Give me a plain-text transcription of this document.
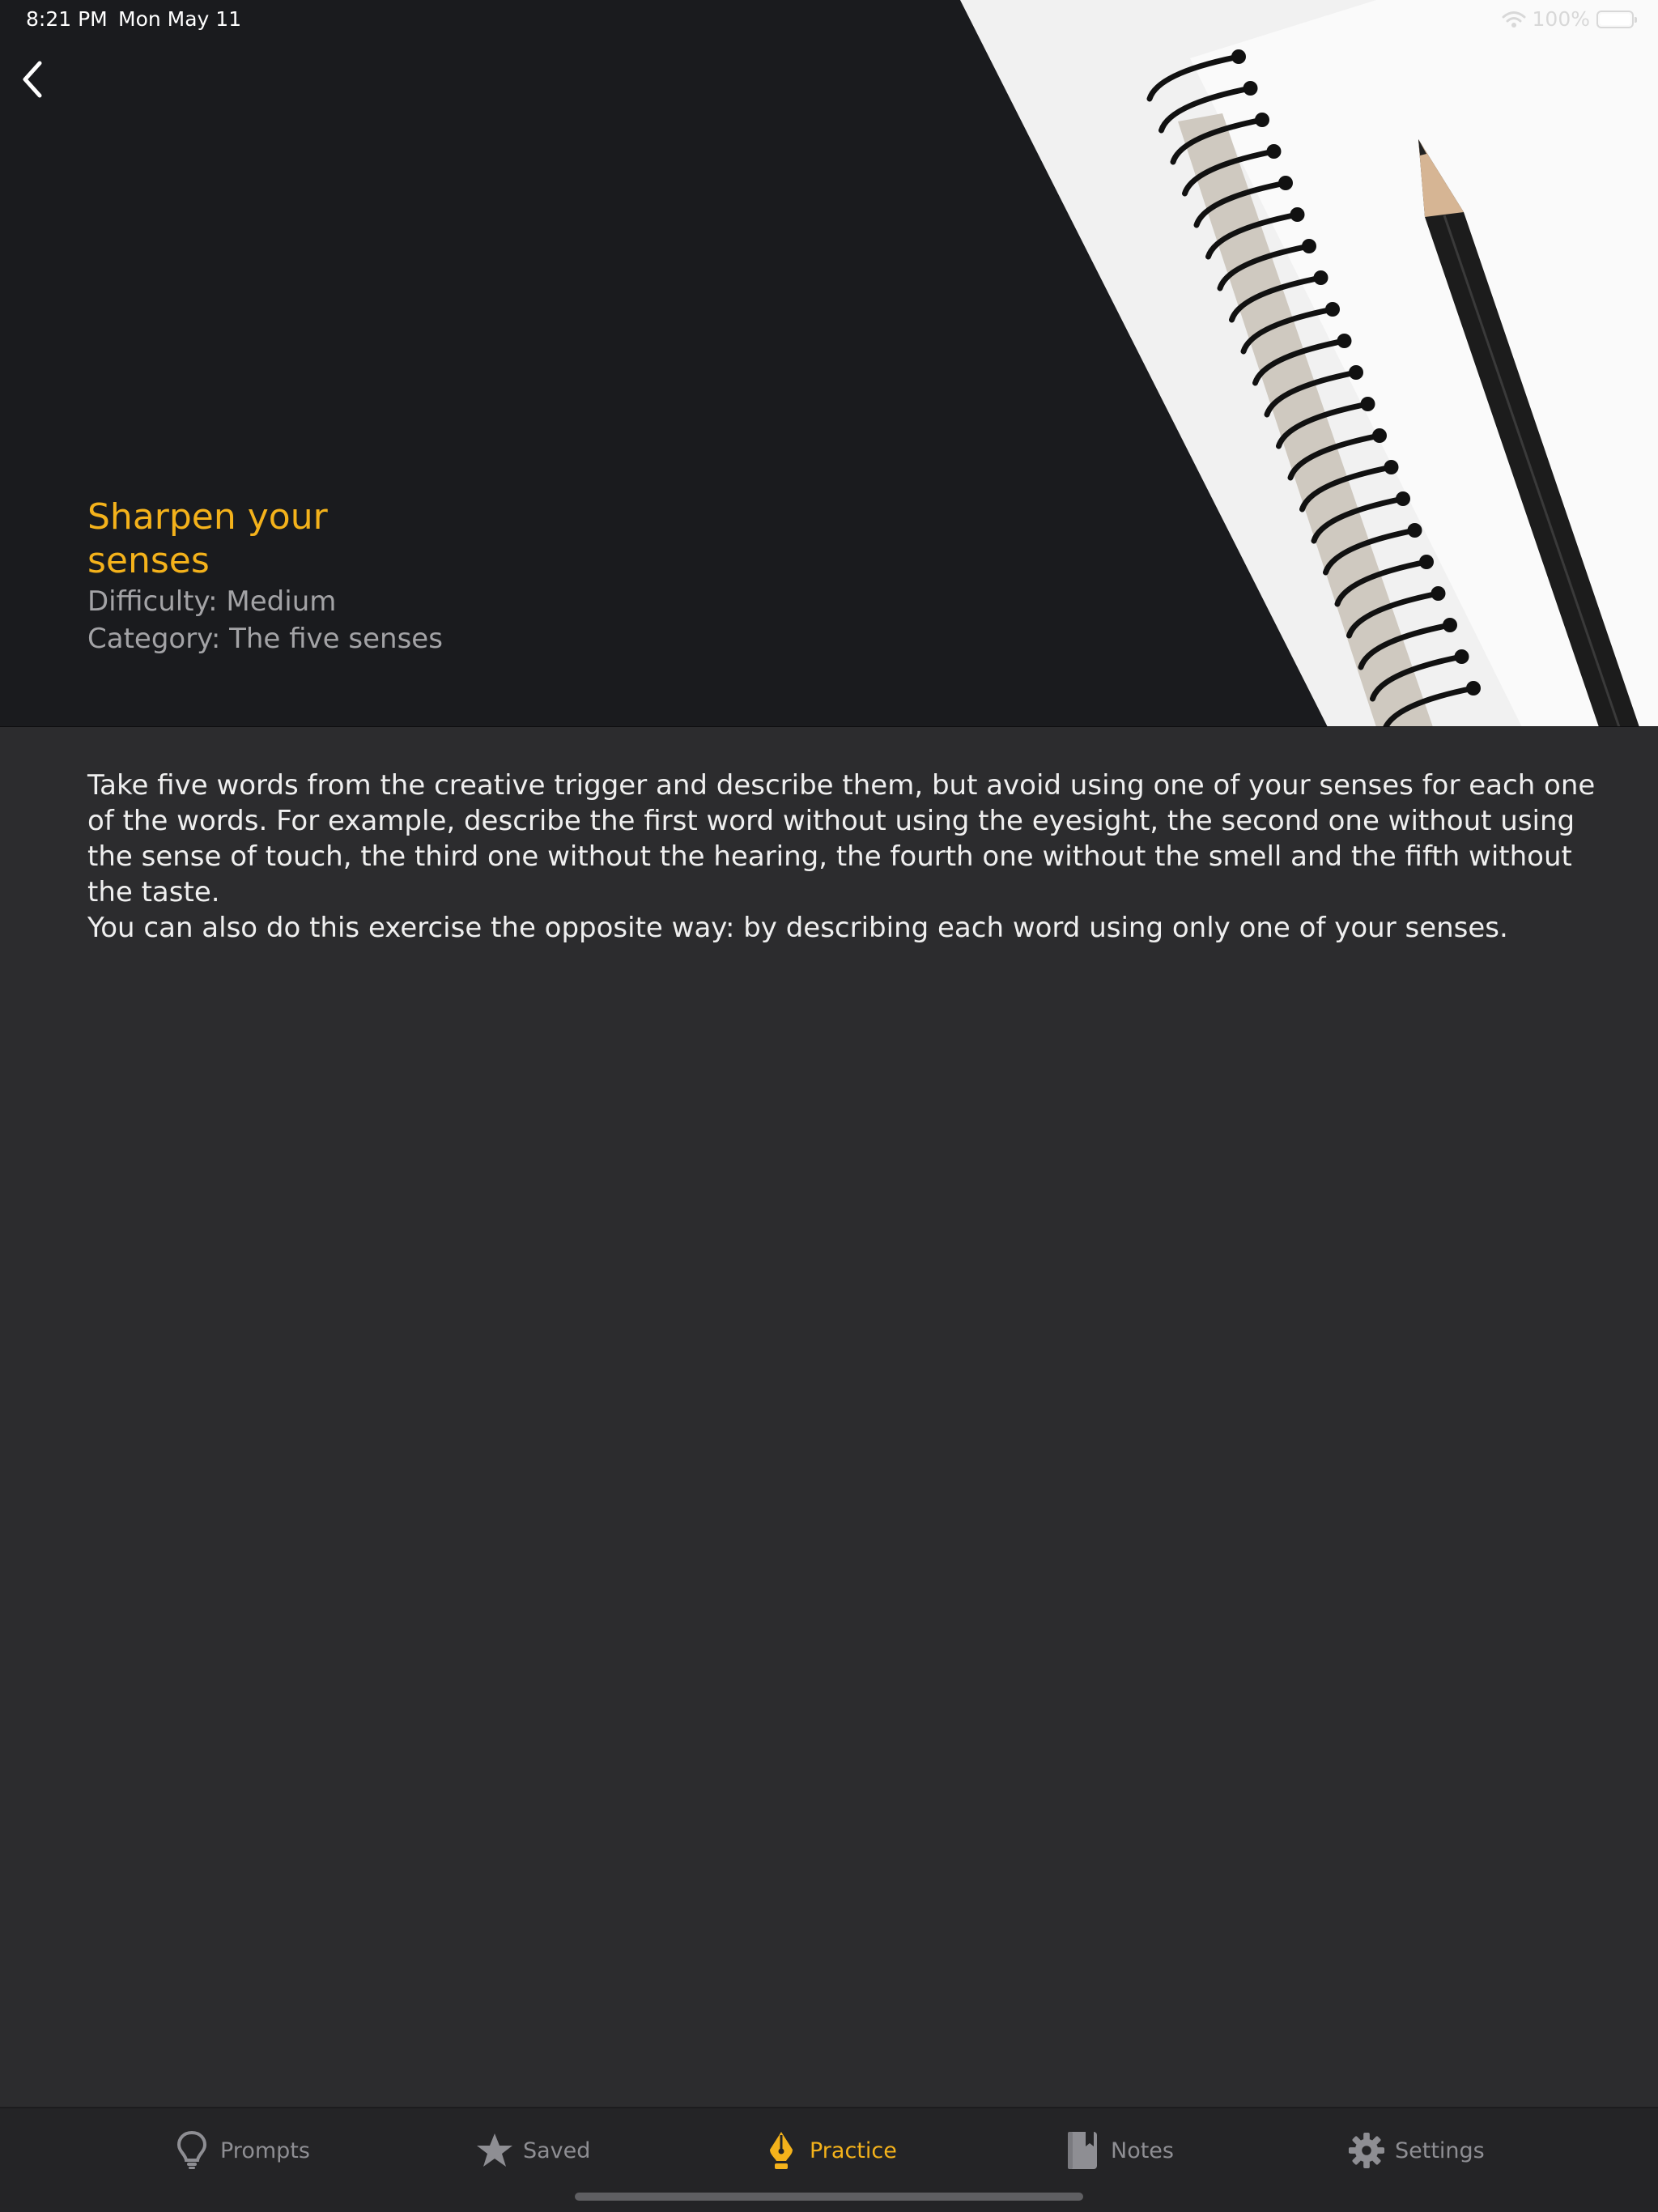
Sharpen your senses
Difficulty: Medium
Category: The five senses
8:21 PM Mon May 11	100%

Take five words from the creative trigger and describe them, but avoid using one of your senses for each one of the words. For example, describe the first word without using the eyesight, the second one without using the sense of touch, the third one without the hearing, the fourth one without the smell and the fifth without the taste.

You can also do this exercise the opposite way: by describing each word using only one of your senses.

Prompts	Saved	Practice	Notes	Settings
